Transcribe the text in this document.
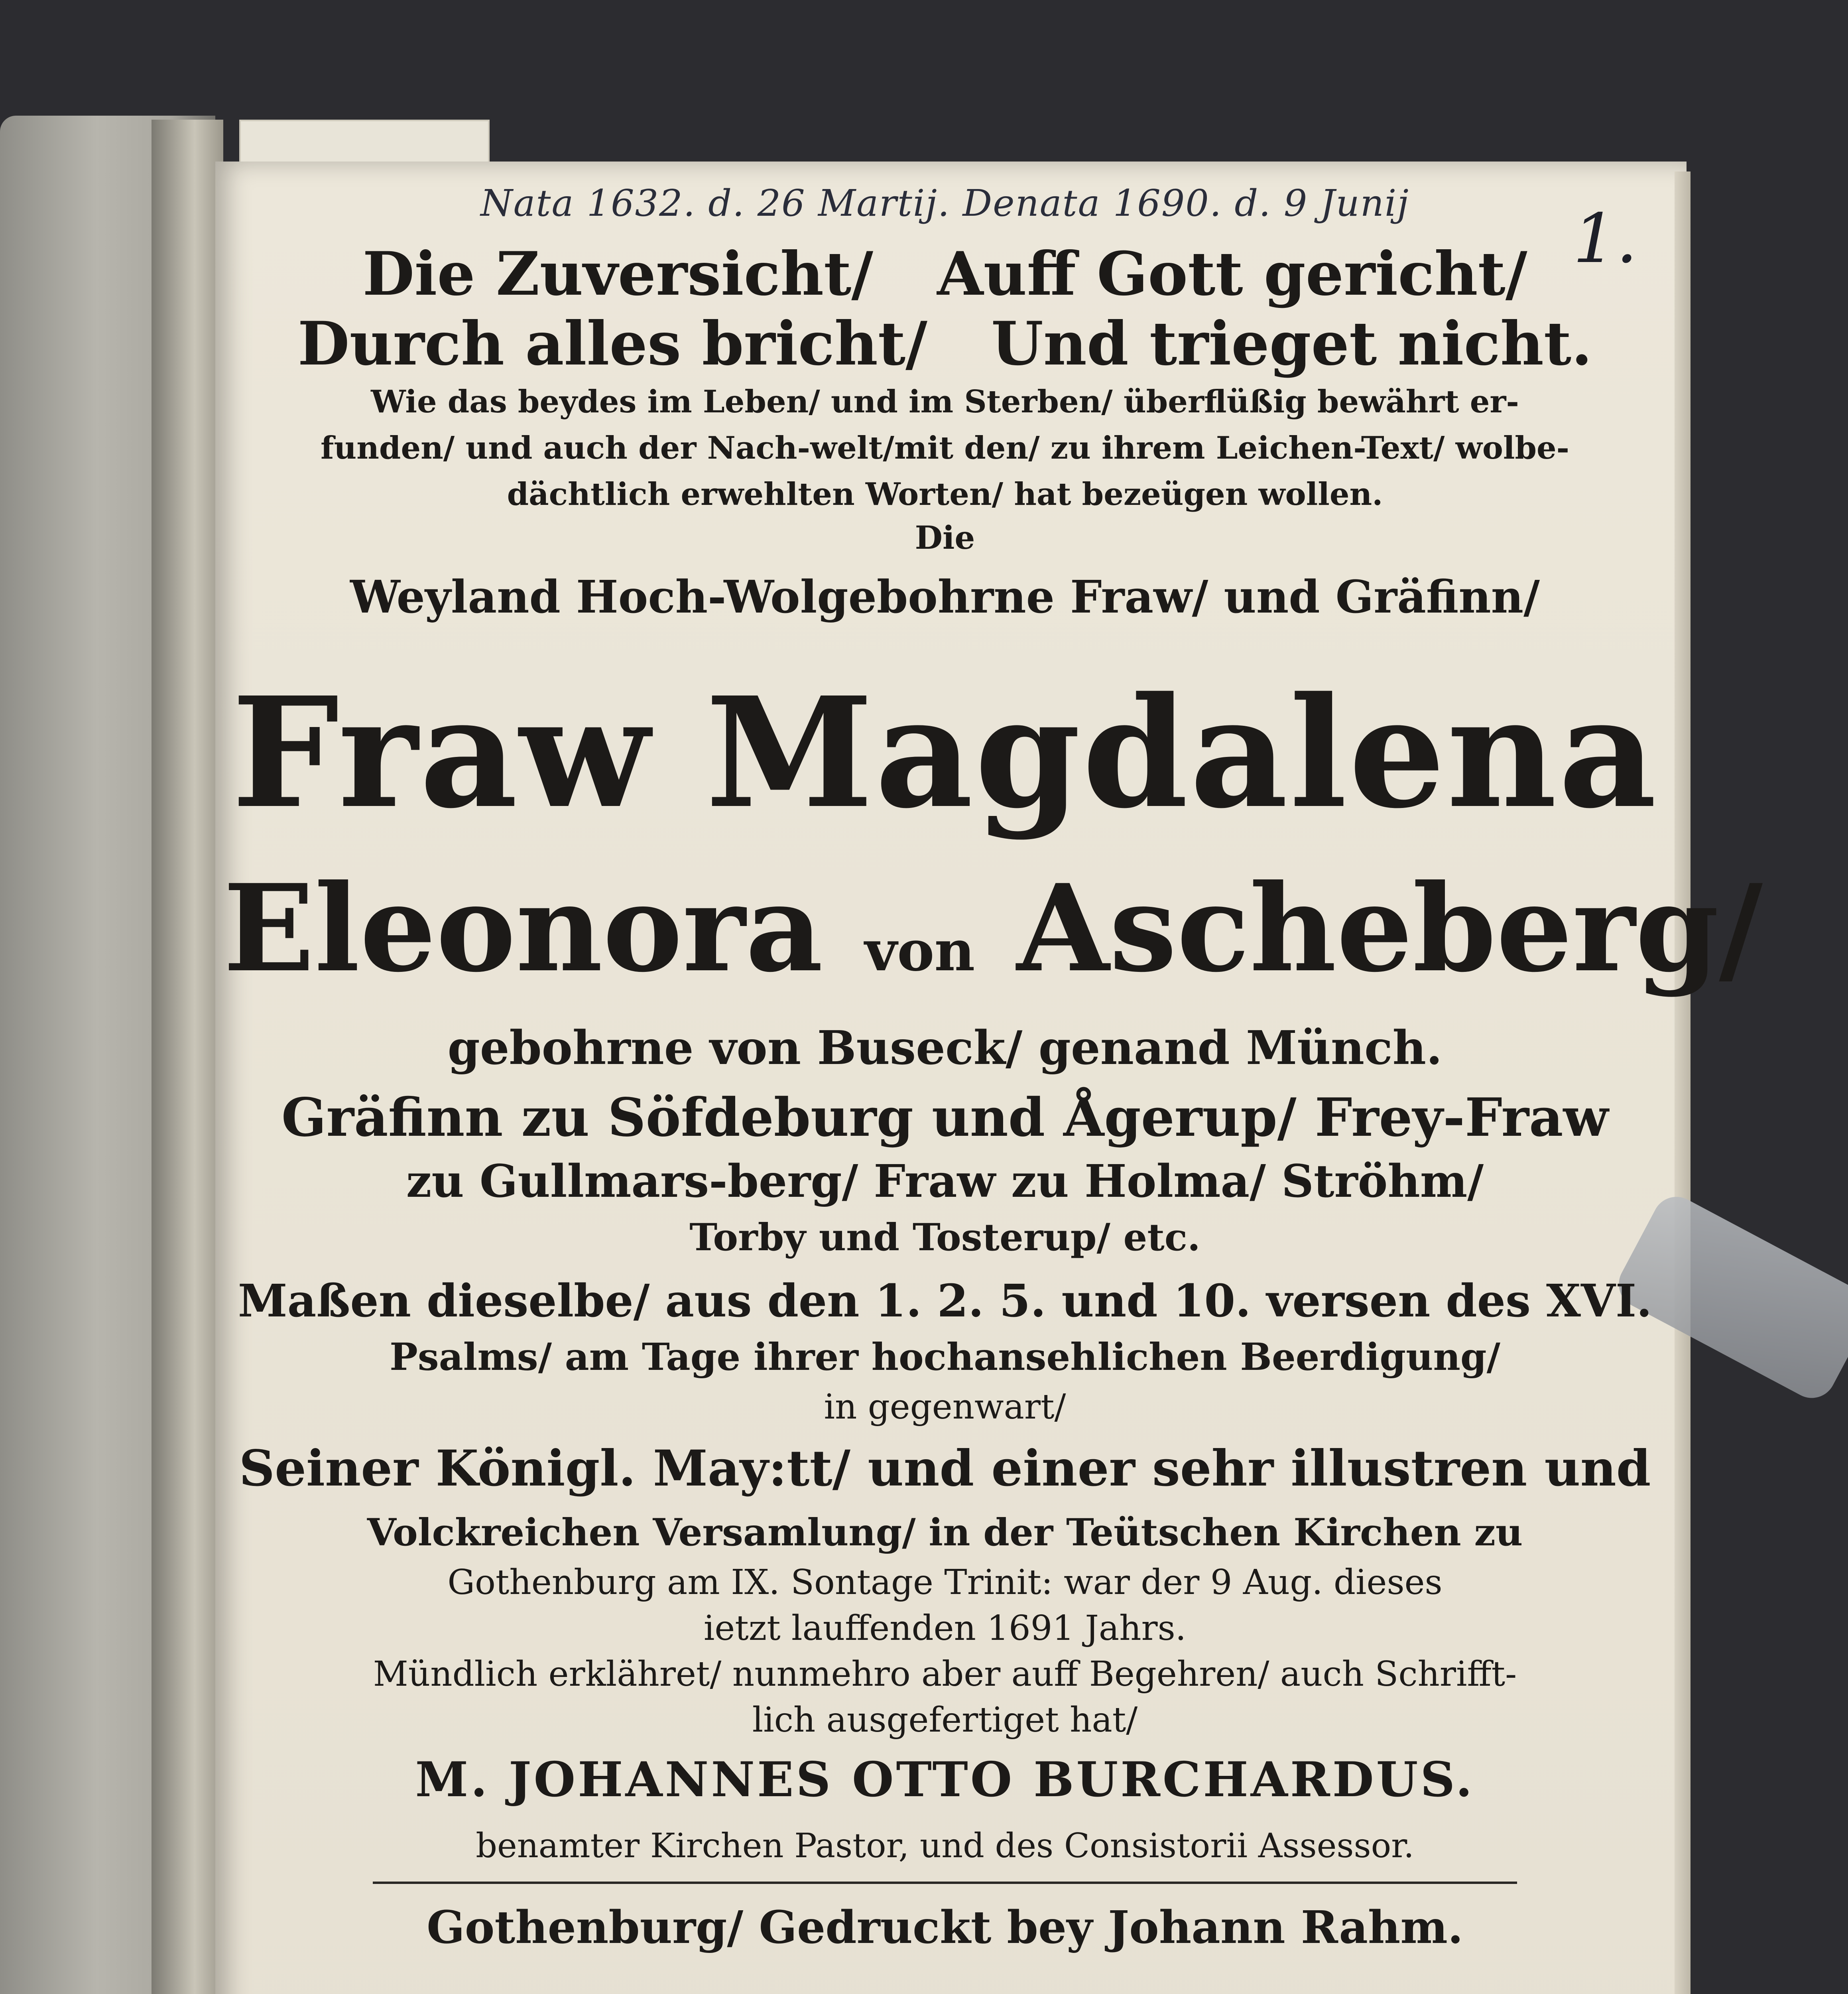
1.
Nata 1632. d. 26 Martij. Denata 1690. d. 9 Junij
Die Zuversicht/ Auff Gott gericht/
Durch alles bricht/ Und trieget nicht.
Wie das beydes im Leben/ und im Sterben/ überflüßig bewährt er-
funden/ und auch der Nach-welt/mit den/ zu ihrem Leichen-Text/ wolbe-
dächtlich erwehlten Worten/ hat bezeügen wollen.
Die
Weyland Hoch-Wolgebohrne Fraw/ und Gräfinn/
Fraw Magdalena
Eleonora von Ascheberg/
gebohrne von Buseck/ genand Münch.
Gräfinn zu Söfdeburg und Ågerup/ Frey-Fraw
zu Gullmars-berg/ Fraw zu Holma/ Ströhm/
Torby und Tosterup/ etc.
Maßen dieselbe/ aus den 1. 2. 5. und 10. versen des XVI.
Psalms/ am Tage ihrer hochansehlichen Beerdigung/
in gegenwart/
Seiner Königl. May:tt/ und einer sehr illustren und
Volckreichen Versamlung/ in der Teütschen Kirchen zu
Gothenburg am IX. Sontage Trinit: war der 9 Aug. dieses
ietzt lauffenden 1691 Jahrs.
Mündlich erklähret/ nunmehro aber auff Begehren/ auch Schrifft-
lich ausgefertiget hat/
M. JOHANNES OTTO BURCHARDUS.
benamter Kirchen Pastor, und des Consistorii Assessor.
Gothenburg/ Gedruckt bey Johann Rahm.
